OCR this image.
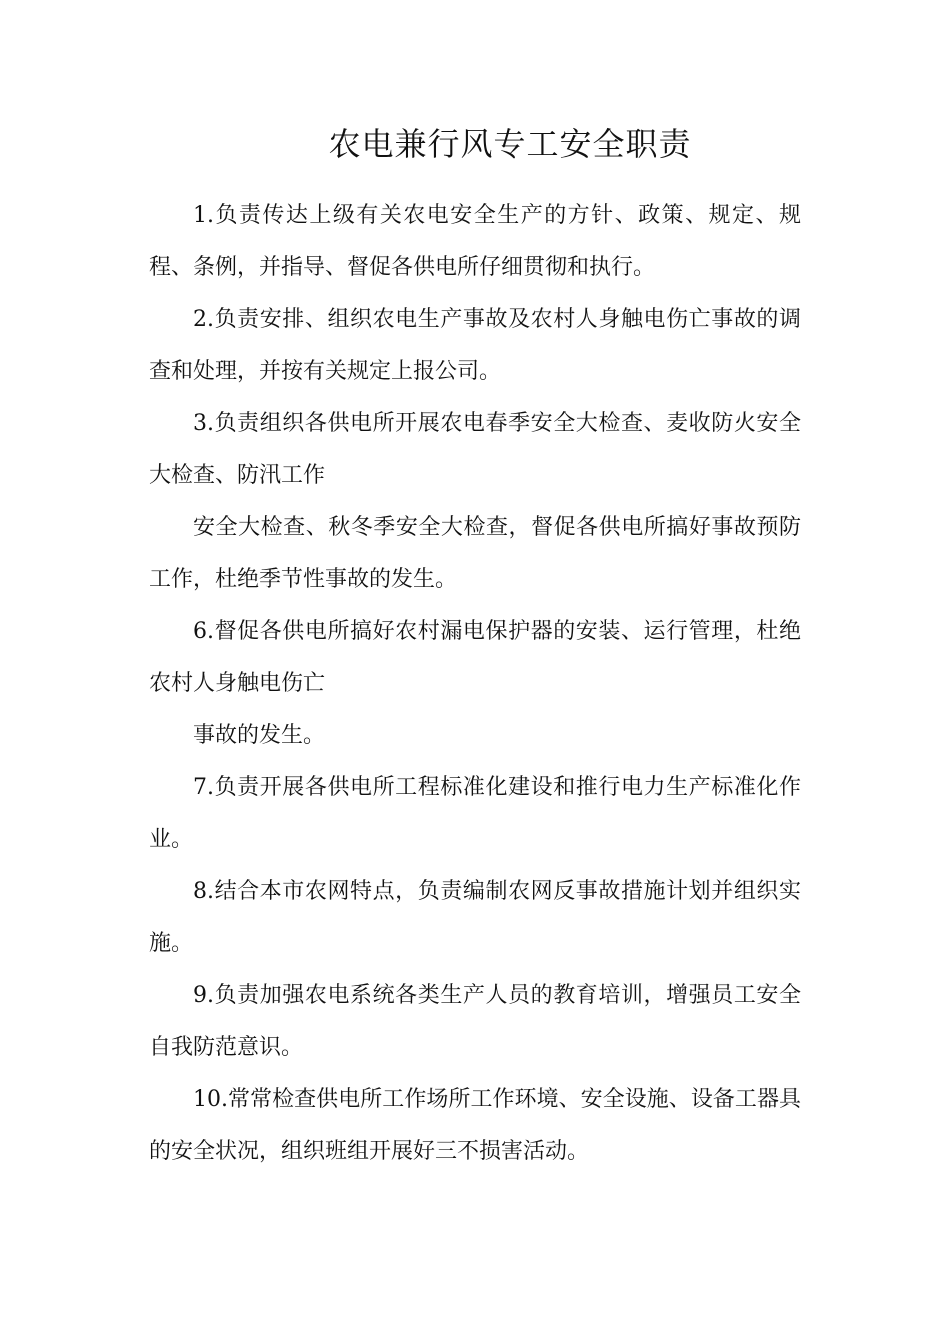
农电兼行风专工安全职责

1.负责传达上级有关农电安全生产的方针、政策、规定、规程、条例，并指导、督促各供电所仔细贯彻和执行。

2.负责安排、组织农电生产事故及农村人身触电伤亡事故的调查和处理，并按有关规定上报公司。

3.负责组织各供电所开展农电春季安全大检查、麦收防火安全大检查、防汛工作

安全大检查、秋冬季安全大检查，督促各供电所搞好事故预防工作，杜绝季节性事故的发生。

6.督促各供电所搞好农村漏电保护器的安装、运行管理，杜绝农村人身触电伤亡

事故的发生。

7.负责开展各供电所工程标准化建设和推行电力生产标准化作业。

8.结合本市农网特点，负责编制农网反事故措施计划并组织实施。

9.负责加强农电系统各类生产人员的教育培训，增强员工安全自我防范意识。

10.常常检查供电所工作场所工作环境、安全设施、设备工器具的安全状况，组织班组开展好三不损害活动。
